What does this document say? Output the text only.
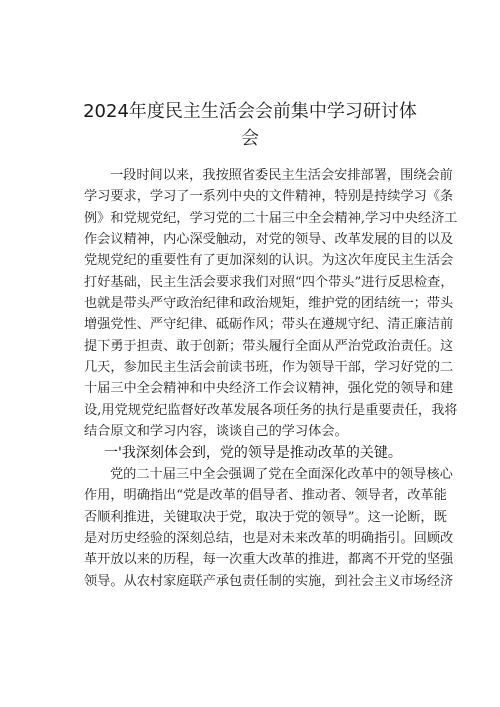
2024年度民主生活会会前集中学习研讨体
会
一段时间以来，我按照省委民主生活会安排部署，围绕会前
学习要求，学习了一系列中央的文件精神，特别是持续学习《条
例》和党规党纪，学习党的二十届三中全会精神,学习中央经济工
作会议精神，内心深受触动，对党的领导、改革发展的目的以及
党规党纪的重要性有了更加深刻的认识。为这次年度民主生活会
打好基础，民主生活会要求我们对照“四个带头”进行反思检查，
也就是带头严守政治纪律和政治规矩，维护党的团结统一；带头
增强党性、严守纪律、砥砺作风；带头在遵规守纪、清正廉洁前
提下勇于担责、敢于创新；带头履行全面从严治党政治责任。这
几天，参加民主生活会前读书班，作为领导干部，学习好党的二
十届三中全会精神和中央经济工作会议精神，强化党的领导和建
设,用党规党纪监督好改革发展各项任务的执行是重要责任，我将
结合原文和学习内容，谈谈自己的学习体会。
一'我深刻体会到，党的领导是推动改革的关键。
党的二十届三中全会强调了党在全面深化改革中的领导核心
作用，明确指出“党是改革的倡导者、推动者、领导者，改革能
否顺利推进，关键取决于党，取决于党的领导”。这一论断，既
是对历史经验的深刻总结，也是对未来改革的明确指引。回顾改
革开放以来的历程，每一次重大改革的推进，都离不开党的坚强
领导。从农村家庭联产承包责任制的实施，到社会主义市场经济
